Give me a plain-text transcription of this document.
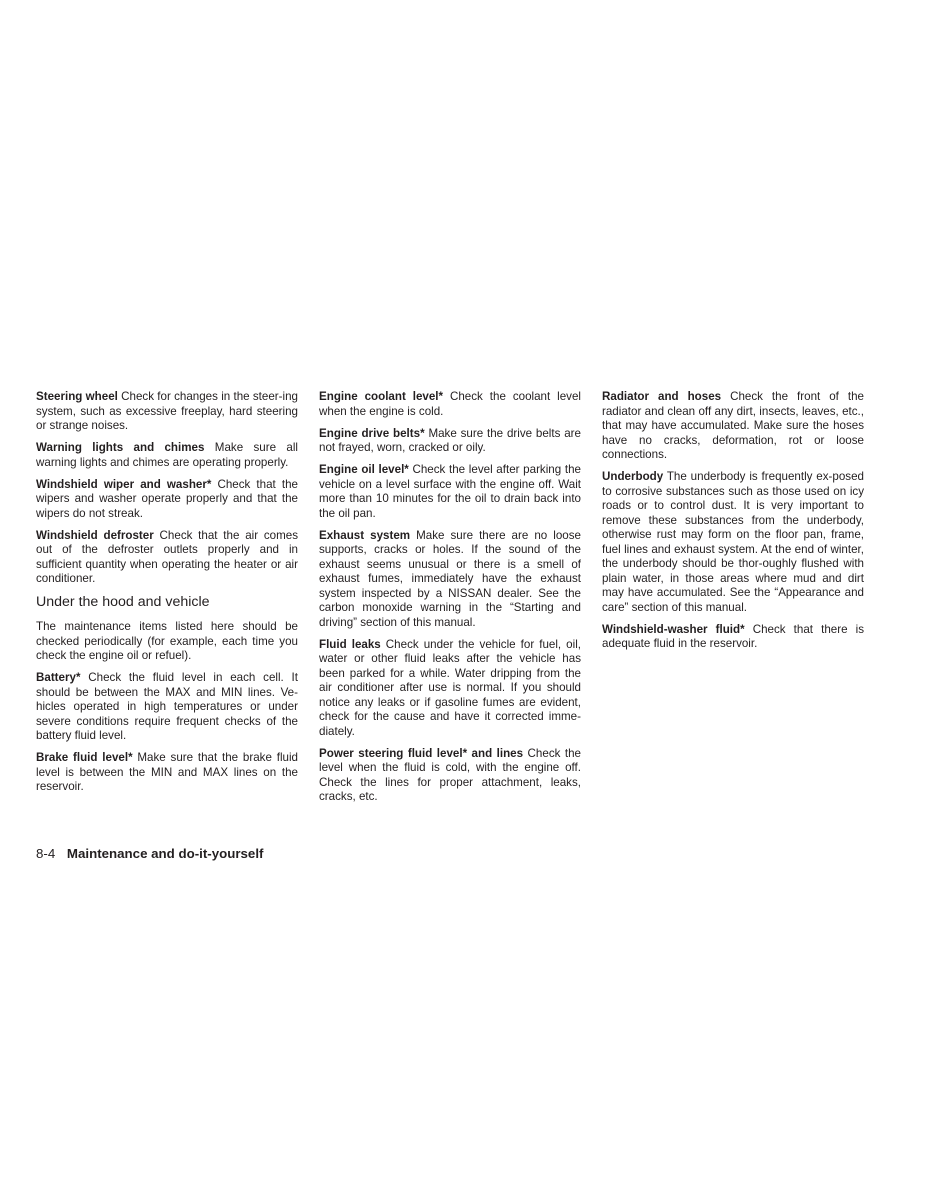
Steering wheel Check for changes in the steer-ing system, such as excessive freeplay, hard steering or strange noises.

Warning lights and chimes Make sure all warning lights and chimes are operating properly.

Windshield wiper and washer* Check that the wipers and washer operate properly and that the wipers do not streak.

Windshield defroster Check that the air comes out of the defroster outlets properly and in sufficient quantity when operating the heater or air conditioner.

Under the hood and vehicle

The maintenance items listed here should be checked periodically (for example, each time you check the engine oil or refuel).

Battery* Check the fluid level in each cell. It should be between the MAX and MIN lines. Ve-hicles operated in high temperatures or under severe conditions require frequent checks of the battery fluid level.

Brake fluid level* Make sure that the brake fluid level is between the MIN and MAX lines on the reservoir.

Engine coolant level* Check the coolant level when the engine is cold.

Engine drive belts* Make sure the drive belts are not frayed, worn, cracked or oily.

Engine oil level* Check the level after parking the vehicle on a level surface with the engine off. Wait more than 10 minutes for the oil to drain back into the oil pan.

Exhaust system Make sure there are no loose supports, cracks or holes. If the sound of the exhaust seems unusual or there is a smell of exhaust fumes, immediately have the exhaust system inspected by a NISSAN dealer. See the carbon monoxide warning in the “Starting and driving” section of this manual.

Fluid leaks Check under the vehicle for fuel, oil, water or other fluid leaks after the vehicle has been parked for a while. Water dripping from the air conditioner after use is normal. If you should notice any leaks or if gasoline fumes are evident, check for the cause and have it corrected imme-diately.

Power steering fluid level* and lines Check the level when the fluid is cold, with the engine off. Check the lines for proper attachment, leaks, cracks, etc.

Radiator and hoses Check the front of the radiator and clean off any dirt, insects, leaves, etc., that may have accumulated. Make sure the hoses have no cracks, deformation, rot or loose connections.

Underbody The underbody is frequently ex-posed to corrosive substances such as those used on icy roads or to control dust. It is very important to remove these substances from the underbody, otherwise rust may form on the floor pan, frame, fuel lines and exhaust system. At the end of winter, the underbody should be thor-oughly flushed with plain water, in those areas where mud and dirt may have accumulated. See the “Appearance and care” section of this manual.

Windshield-washer fluid* Check that there is adequate fluid in the reservoir.

8-4 Maintenance and do-it-yourself
